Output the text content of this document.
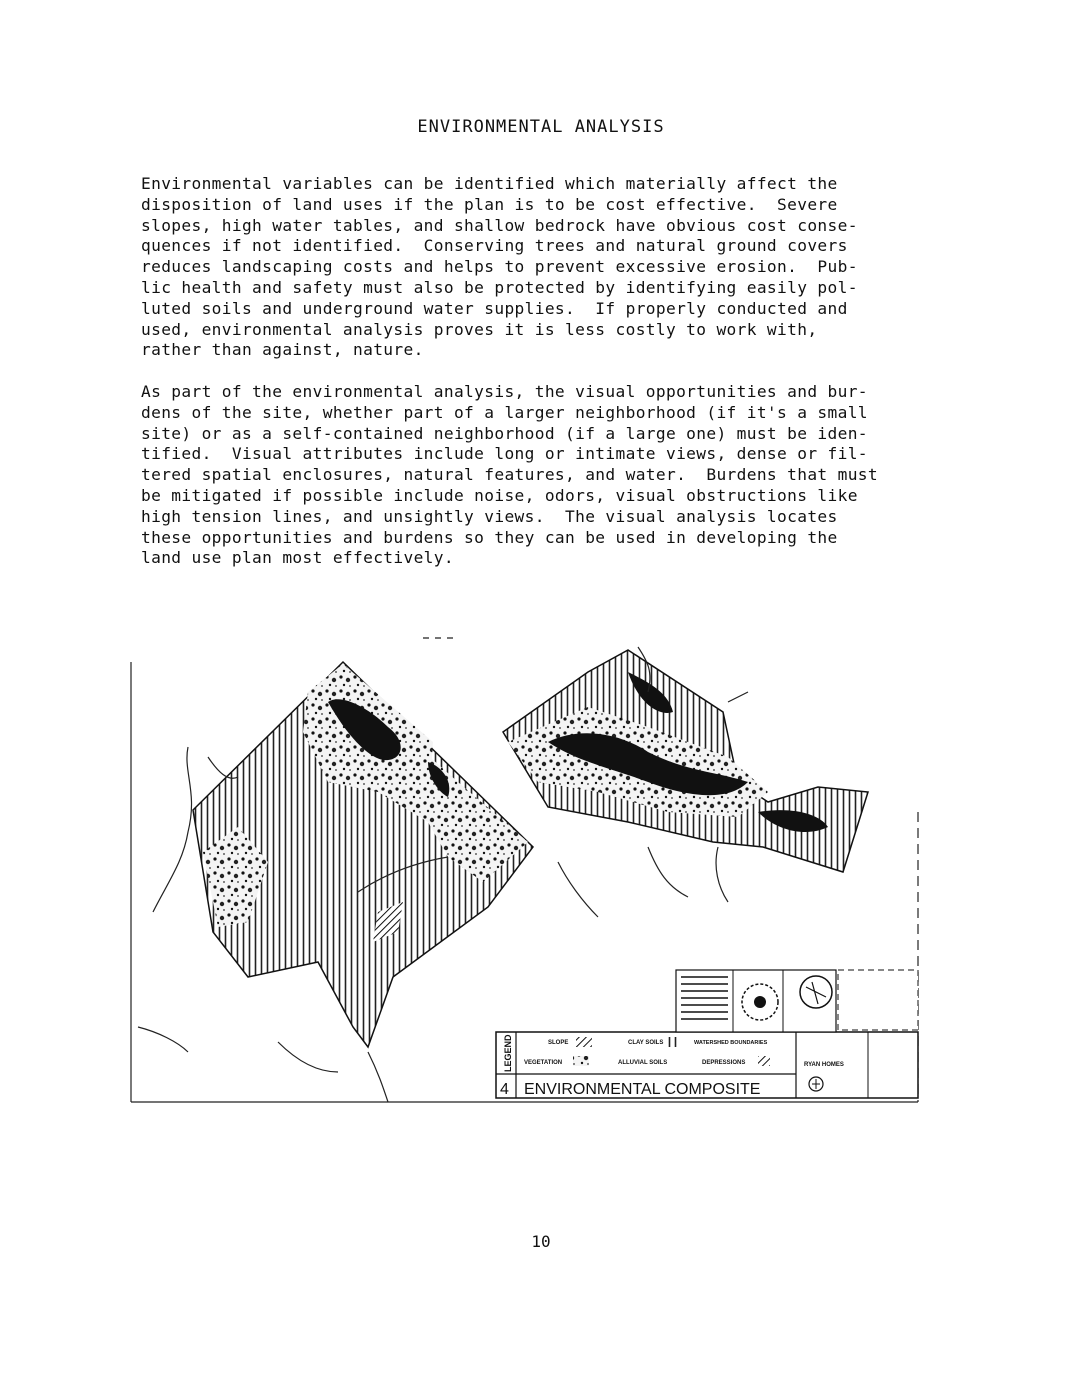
ENVIRONMENTAL ANALYSIS
Environmental variables can be identified which materially affect the
disposition of land uses if the plan is to be cost effective.  Severe
slopes, high water tables, and shallow bedrock have obvious cost conse-
quences if not identified.  Conserving trees and natural ground covers
reduces landscaping costs and helps to prevent excessive erosion.  Pub-
lic health and safety must also be protected by identifying easily pol-
luted soils and underground water supplies.  If properly conducted and
used, environmental analysis proves it is less costly to work with,
rather than against, nature.
As part of the environmental analysis, the visual opportunities and bur-
dens of the site, whether part of a larger neighborhood (if it's a small
site) or as a self-contained neighborhood (if a large one) must be iden-
tified.  Visual attributes include long or intimate views, dense or fil-
tered spatial enclosures, natural features, and water.  Burdens that must
be mitigated if possible include noise, odors, visual obstructions like
high tension lines, and unsightly views.  The visual analysis locates
these opportunities and burdens so they can be used in developing the
land use plan most effectively.
LEGEND	SLOPE
VEGETATION
CLAY SOILS
ALLUVIAL SOILS
WATERSHED BOUNDARIES
DEPRESSIONS
4 ENVIRONMENTAL COMPOSITE
RYAN HOMES
10
